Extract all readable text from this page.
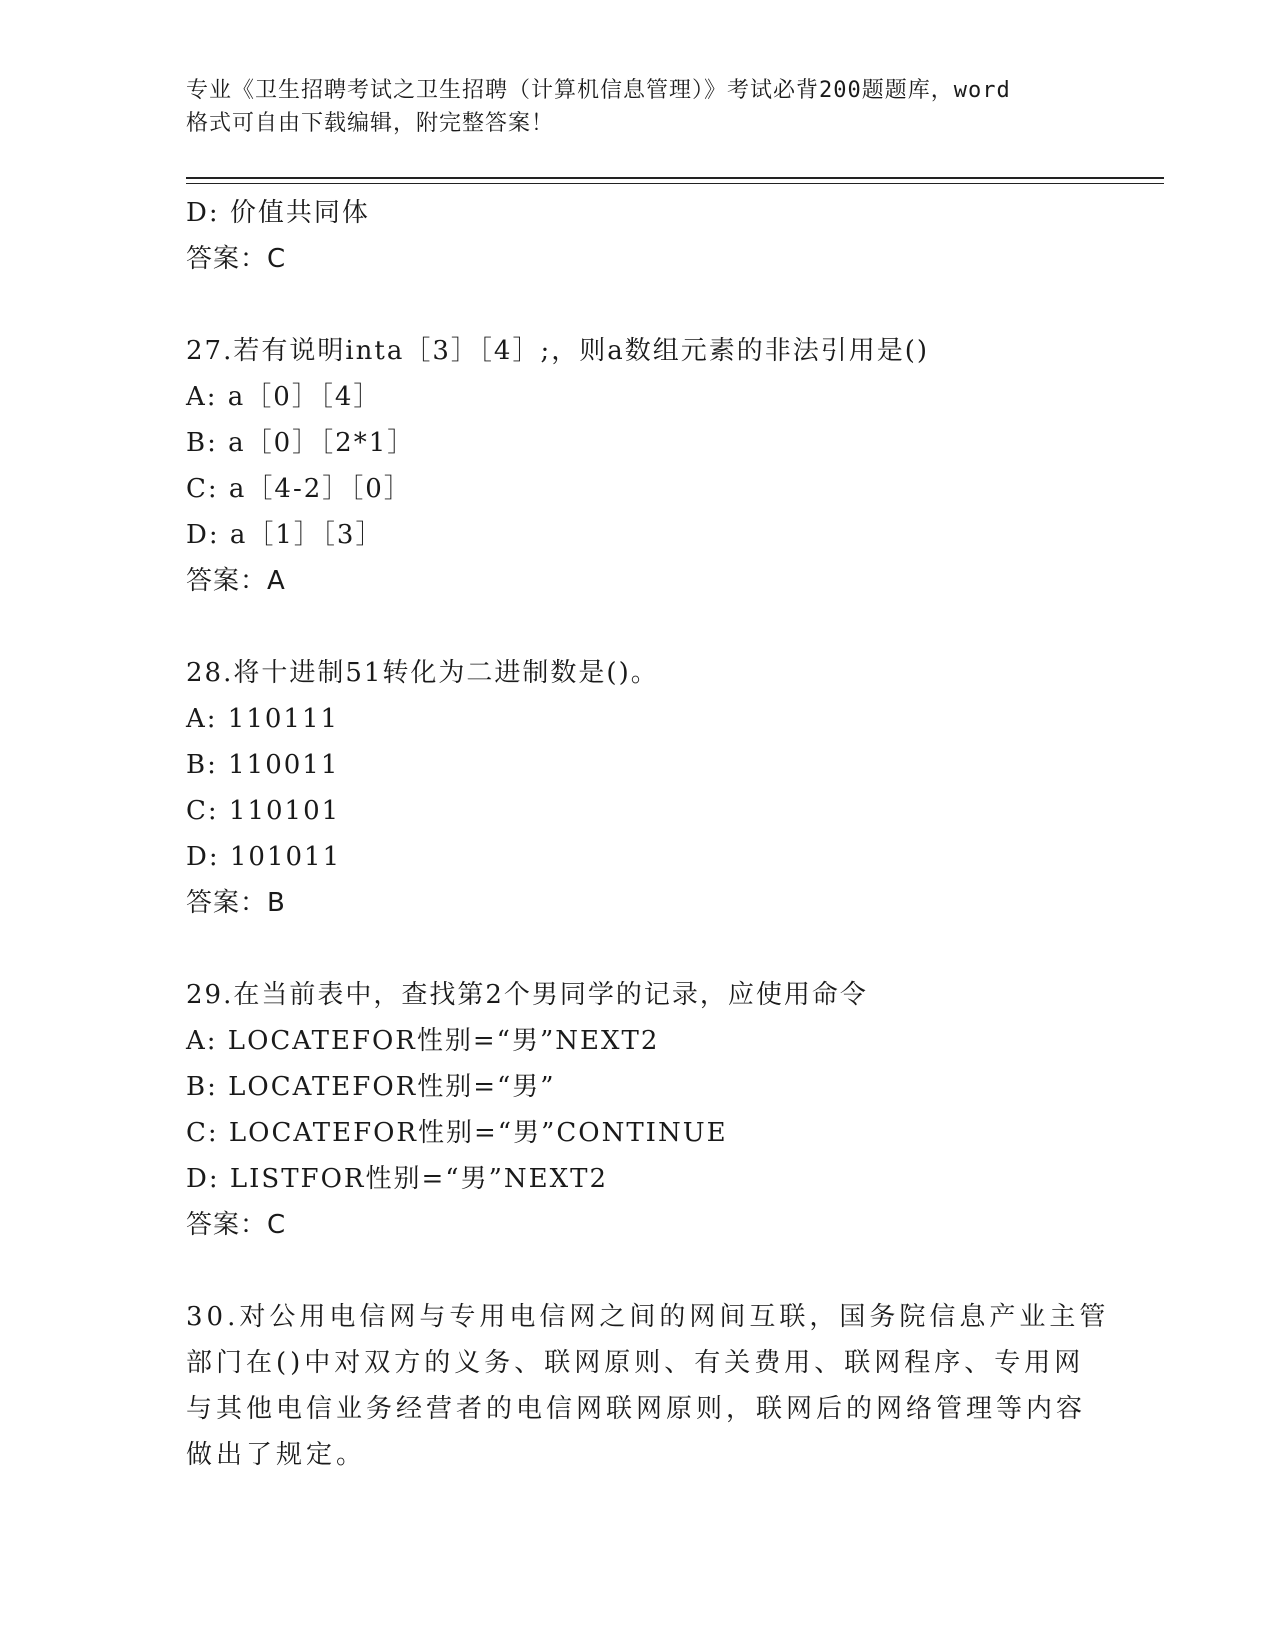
专业《卫生招聘考试之卫生招聘（计算机信息管理）》考试必背200题题库，word
格式可自由下载编辑，附完整答案！
D: 价值共同体
答案：C
27.若有说明inta［3］［4］;，则a数组元素的非法引用是()
A: a［0］［4］
B: a［0］［2*1］
C: a［4-2］［0］
D: a［1］［3］
答案：A
28.将十进制51转化为二进制数是()。
A: 110111
B: 110011
C: 110101
D: 101011
答案：B
29.在当前表中，查找第2个男同学的记录，应使用命令
A: LOCATEFOR性别=“男”NEXT2
B: LOCATEFOR性别=“男”
C: LOCATEFOR性别=“男”CONTINUE
D: LISTFOR性别=“男”NEXT2
答案：C
30.对公用电信网与专用电信网之间的网间互联，国务院信息产业主管
部门在()中对双方的义务、联网原则、有关费用、联网程序、专用网
与其他电信业务经营者的电信网联网原则，联网后的网络管理等内容
做出了规定。
